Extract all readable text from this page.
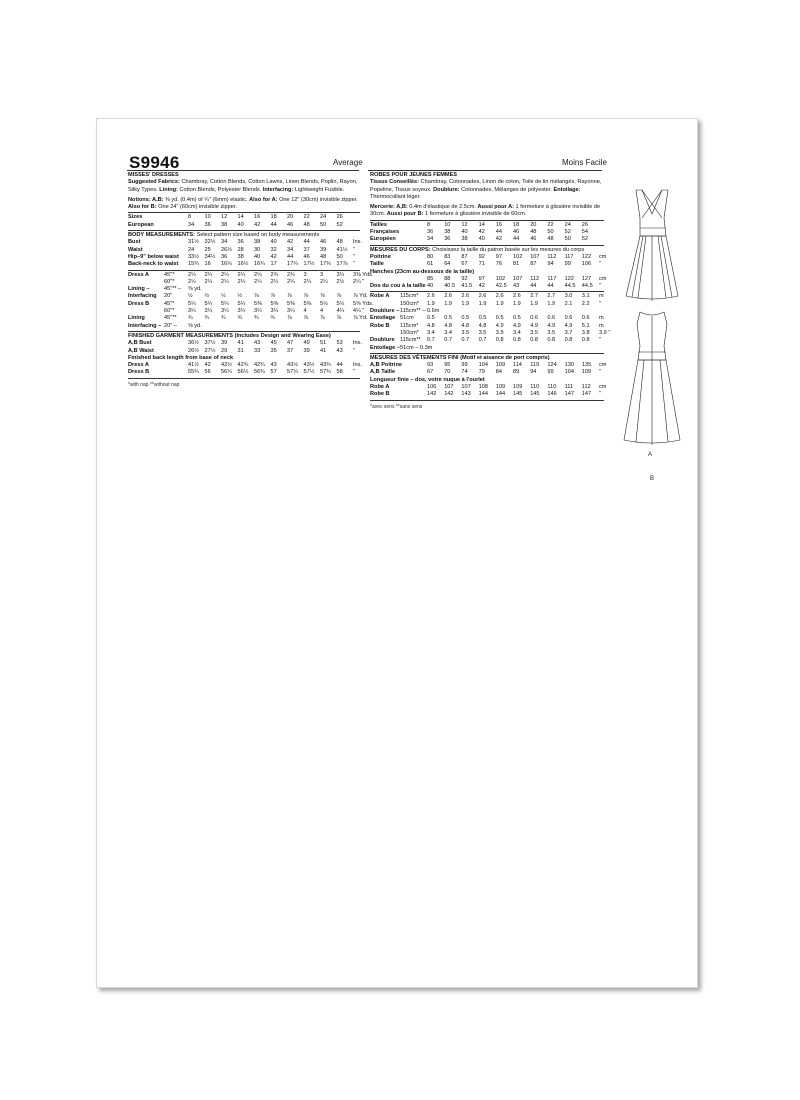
S9946	Average	Moins Facile
MISSES' DRESSES
Suggested Fabrics: Chambray, Cotton Blends, Cotton Lawns, Linen Blends, Poplin, Rayon, Silky Types. Lining: Cotton Blends, Polyester Blends. Interfacing: Lightweight Fusible.
Notions: A,B: ⅜ yd. (0.4m) of ¼" (6mm) elastic. Also for A: One 12" (30cm) invisible zipper. Also for B: One 24" (60cm) invisible zipper.
Sizes	8 10 12 14 16 18 20 22 24 26
European	34 36 38 40 42 44 46 48 50 52
BODY MEASUREMENTS: Select pattern size based on body measurements
Bust	31½ 32½ 34 36 38 40 42 44 46 48 Ins.
Waist	24 25 26½ 28 30 32 34 37 39 41½ "
Hip–9" below waist 33½ 34½ 36 38 40 42 44 46 48 50 "
Back-neck to waist 15¾ 16 16¼ 16½ 16¾ 17 17¼ 17½ 17¾ 17⅞ "
Dress A	45"* 2¼ 2¼ 2¼ 2¼ 2¼ 2¾ 2¾ 3 3 3¼ 3⅜ Yds.
60"* 2¼ 2¼ 2¼ 2¼ 2¼ 2¼ 2¼ 2¼ 2¼ 2½ 2¼ "
Lining –	45"** – ⅝ yd.
Interfacing 20"	½ ½ ½ ½ ⅞ ⅞ ⅞ ⅞ ⅞ ⅞ ⅞ Yd.
Dress B	45"* 5¼ 5¼ 5¼ 5¼ 5⅜ 5⅜ 5⅜ 5⅜ 5½ 5½ 5⅝ Yds.
60"* 3¼ 3¼ 3¼ 3¼ 3¼ 3¼ 3¼ 4 4 4¼ 4¼ "
Lining	45"** ¾ ¾ ¾ ¾ ¾ ¾ ⅞ ⅞ ⅞ ⅞ ⅞ Yd.
Interfacing – 20" – ⅝ yd.
FINISHED GARMENT MEASUREMENTS (Includes Design and Wearing Ease)
A,B Bust	36½ 37½ 39 41 43 45 47 49 51 53 Ins.
A,B Waist	26½ 27½ 29 31 33 35 37 39 41 43 "
Finished back length from base of neck
Dress A	41½ 42 42½ 42¾ 42¾ 43 43½ 43½ 43¾ 44 Ins.
Dress B	55¾ 56 56¼ 56½ 56¾ 57 57¼ 57½ 57¾ 58 "
*with nap **without nap
ROBES POUR JEUNES FEMMES
Tissus Conseillés: Chambray, Cotonnades, Linon de coton, Toile de lin mélangés, Rayonne, Popeline, Tissus soyeux. Doublure: Cotonnades, Mélanges de polyester. Entoilage: Thermocollant léger.
Mercerie: A,B: 0.4m d'élastique de 2.5cm. Aussi pour A: 1 fermeture à glissière invisible de 30cm. Aussi pour B: 1 fermeture à glissière invisible de 60cm.
Tailles	8	10 12 14 16 18 20 22 24 26
Françaises	36 38 40 42 44 46 48 50 52 54
Européen	34 36 38 40 42 44 46 48 50 52
MESURES DU CORPS: Choisissez la taille du patron basée sur les mesures du corps
Poitrine	80 83 87 92 97 102 107 112 117 122 cm
Taille	61 64 67 71 76 81 87 94 99 106 "
Hanches (23cm au-dessous de la taille)
85 88 92 97 102 107 112 117 122 127 cm
Dos du cou à la taille 40 40.5 41.5 42 42.5 43 44 44 44.5 44.5 "
Robe A 115cm* 2.6 2.6 2.6 2.6 2.6 2.6 2.7 2.7 3.0 3.1 m
150cm* 1.9 1.9 1.9 1.9 1.9 1.9 1.9 1.9 2.1 2.2 "
Doublure – 115cm** – 0.6m
Entoilage 51cm 0.5 0.5 0.5 0.5 0.5 0.5 0.6 0.6 0.6 0.6 m
Robe B 115cm* 4.8 4.8 4.8 4.8 4.9 4.9 4.9 4.9 4.9 5.1 m
150cm* 3.4 3.4 3.5 3.5 3.5 3.4 3.5 3.5 3.7 3.8 3.9 "
Doublure 115cm** 0.7 0.7 0.7 0.7 0.8 0.8 0.8 0.8 0.8 0.8 "
Entoilage – 51cm – 0.3m
MESURES DES VÊTEMENTS FINI (Motif et aisance de port compris)
A,B Poitrine	93 95 99 104 109 114 119 124 130 135 cm
A,B Taille	67 70 74 79 84 89 94 99 104 109 "
Longueur finie – dos, votre nuque à l'ourlet
Robe A	106 107 107 108 109 109 110 110 111 112 cm
Robe B	142 142 143 144 144 145 145 146 147 147 "
*avec sens **sans sens
A
B
